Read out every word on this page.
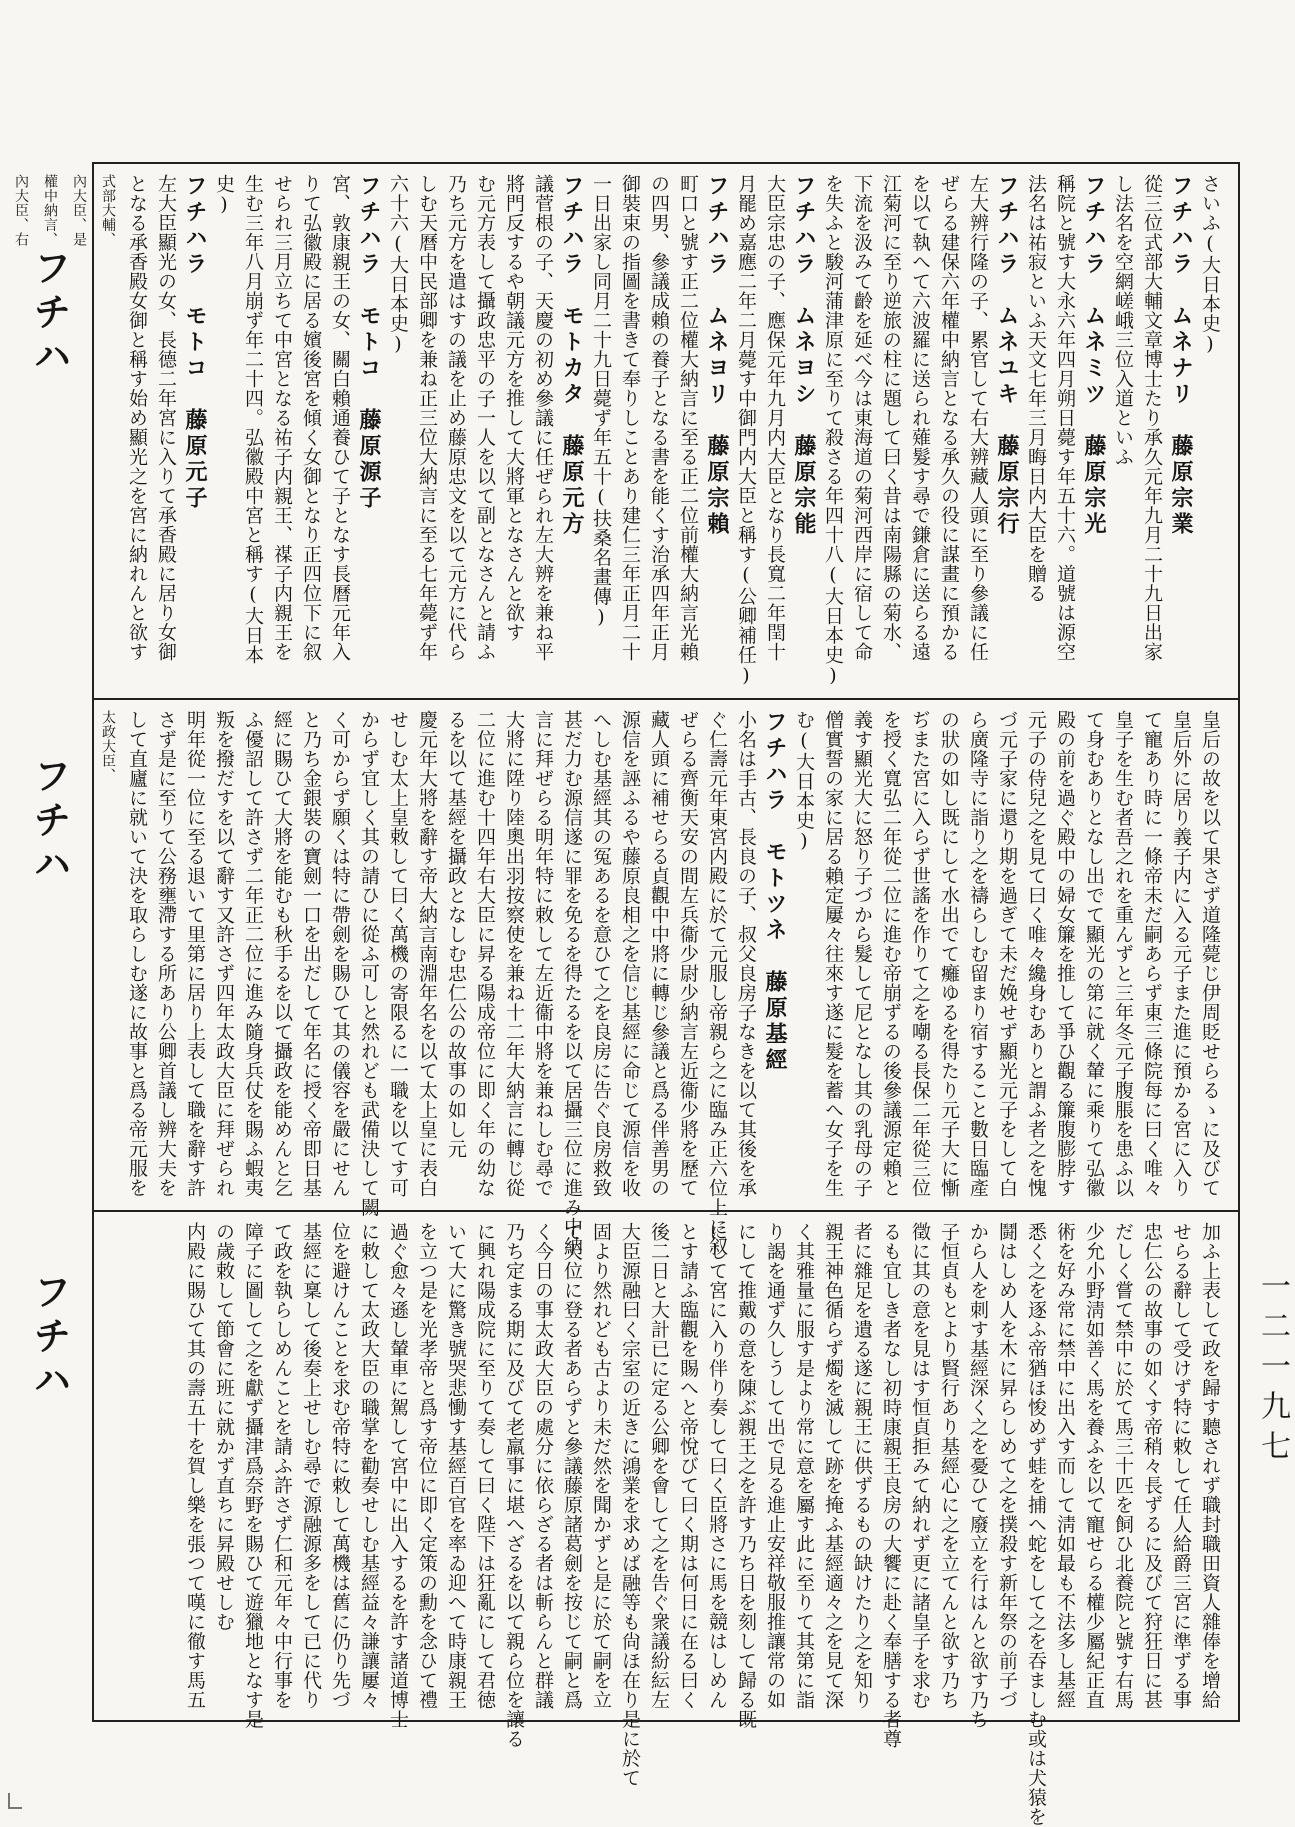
フチハ
フチハ
フチハ
さいふ(大日本史)
フチハラ　ムネナリ　藤原宗業
從三位式部大輔文章博士たり承久元年九月二十九日出家
し法名を空網嵯峨三位入道といふ
フチハラ　ムネミツ　藤原宗光
稱院と號す大永六年四月朔日薨す年五十六。道號は源空
法名は祐寂といふ天文七年三月晦日内大臣を贈る
フチハラ　ムネユキ　藤原宗行
左大辨行隆の子、累官して右大辨藏人頭に至り參議に任
ぜらる建保六年權中納言となる承久の役に謀畫に預かる
を以て執へて六波羅に送られ薙髮す尋で鎌倉に送らる遠
江菊河に至り逆旅の柱に題して曰く昔は南陽縣の菊水、
下流を汲みて齡を延べ今は東海道の菊河西岸に宿して命
を失ふと駿河蒲津原に至りて殺さる年四十八(大日本史)
フチハラ　ムネヨシ　藤原宗能
大臣宗忠の子、應保元年九月内大臣となり長寬二年閏十
月罷め嘉應二年二月薨す中御門内大臣と稱す(公卿補任)
フチハラ　ムネヨリ　藤原宗賴
町口と號す正二位權大納言に至る正二位前權大納言光賴
の四男、參議成賴の養子となる書を能くす治承四年正月
御裝束の指圖を書きて奉りしことあり建仁三年正月二十
一日出家し同月二十九日薨ず年五十(扶桑名畫傳)
フチハラ　モトカタ　藤原元方
議菅根の子、天慶の初め參議に任ぜられ左大辨を兼ね平
將門反するや朝議元方を推して大將軍となさんと欲す
む元方表して攝政忠平の子一人を以て副となさんと請ふ
乃ち元方を遣はすの議を止め藤原忠文を以て元方に代ら
しむ天曆中民部卿を兼ね正三位大納言に至る七年薨ず年
六十六(大日本史)
フチハラ　モトコ　藤原源子
宮、敦康親王の女、關白賴通養ひて子となす長曆元年入
りて弘徽殿に居る嬪後宮を傾く女御となり正四位下に叙
せられ三月立ちて中宮となる祐子内親王、禖子内親王を
生む三年八月崩ず年二十四。弘徽殿中宮と稱す(大日本
史)
フチハラ　モトコ　藤原元子
左大臣顯光の女、長德二年宮に入りて承香殿に居り女御
となる承香殿女御と稱す始め顯光之を宮に納れんと欲す
式部大輔、
內大臣、是
權中納言、
內大臣、右
皇后の故を以て果さず道隆薨じ伊周貶せらるゝに及びて
皇后外に居り義子内に入る元子また進に預かる宮に入り
て寵あり時に一條帝未だ嗣あらず東三條院每に曰く唯々
皇子を生む者吾之れを重んずと三年冬元子腹脹を患ふ以
て身むありとなし出でて顯光の第に就く輦に乘りて弘徽
殿の前を過ぐ殿中の婦女簾を推して爭ひ觀る簾腹膨脖す
元子の侍兒之を見て曰く唯々纔身むありと謂ふ者之を愧
づ元子家に還り期を過ぎて未だ娩せず顯光元子をして白
ら廣隆寺に詣り之を禱らしむ留まり宿すること數日臨產
の狀の如し既にして水出でて癱ゆるを得たり元子大に慚
ぢまた宮に入らず世謠を作りて之を嘲る長保二年從三位
を授く寬弘二年從二位に進む帝崩ずるの後參議源定賴と
義す顯光大に怒り子づから髮して尼となし其の乳母の子
僧實誓の家に居る賴定屢々往來す遂に髮を蓄へ女子を生
む(大日本史)
フチハラ　モトツネ　藤原基經
小名は手古、長良の子、叔父良房子なきを以て其後を承
ぐ仁壽元年東宮内殿に於て元服し帝親ら之に臨み正六位上に叙
ぜらる齊衡天安の間左兵衞少尉少納言左近衞少將を歷て
藏人頭に補せらる貞觀中中將に轉じ參議と爲る伴善男の
源信を誣ふるや藤原良相之を信じ基經に命じて源信を收
へしむ基經其の冤あるを意ひて之を良房に告ぐ良房救致
甚だ力む源信遂に罪を免るを得たるを以て居攝三位に進み中納
言に拜ぜらる明年特に敕して左近衞中將を兼ねしむ尋で
大將に陞り陸奧出羽按察使を兼ね十二年大納言に轉じ從
二位に進む十四年右大臣に昇る陽成帝位に即く年の幼な
るを以て基經を攝政となしむ忠仁公の故事の如し元
慶元年大將を辭す帝大納言南淵年名を以て太上皇に表白
せしむ太上皇敕して曰く萬機の寄限るに一職を以てす可
からず宜しく其の請ひに從ふ可しと然れども武備決して闕
く可からず願くは特に帶劍を賜ひて其の儀容を嚴にせん
と乃ち金銀裝の寶劍一口を出だして年名に授く帝即日基
經に賜ひて大將を能むも秋手るを以て攝政を能めんと乞
ふ優詔して許さず二年正二位に進み隨身兵仗を賜ふ蝦夷
叛を撥だすを以て辭す又許さず四年太政大臣に拜ぜられ
明年從一位に至る退いて里第に居り上表して職を辭す許
さず是に至りて公務壅滯する所あり公卿首議し辨大夫を
して直廬に就いて決を取らしむ遂に故事と爲る帝元服を
太政大臣、
加ふ上表して政を歸す聽されず職封職田資人雜俸を增給
せらる辭して受けず特に敕して任人給爵三宮に準ずる事
忠仁公の故事の如くす帝稍々長ずるに及びて狩狂日に甚
だしく嘗て禁中に於て馬三十匹を飼ひ北養院と號す右馬
少允小野淸如善く馬を養ふを以て寵せらる權少屬紀正直
術を好み常に禁中に出入す而して淸如最も不法多し基經
悉く之を逐ふ帝猶ほ悛めず蛙を捕へ蛇をして之を吞ましむ或は犬猿を
鬪はしめ人を木に昇らしめて之を撲殺す新年祭の前子づ
から人を刺す基經深く之を憂ひて廢立を行はんと欲す乃ち
子恒貞もとより賢行あり基經心に之を立てんと欲す乃ち
徵に其の意を見はす恒貞拒みて納れず更に諸皇子を求む
るも宜しき者なし初時康親王良房の大饗に赴く奉膳する者尊
者に雜足を遺る遂に親王に供ずるもの缺けたり之を知り
親王神色循らず燭を滅して跡を掩ふ基經適々之を見て深
く其雅量に服す是より常に意を屬す此に至りて其第に詣
り謁を通ず久しうして出で見る進止安祥敬服推讓常の如
にして推戴の意を陳ぶ親王之を許す乃ち日を刻して歸る既
にして宮に入り伴り奏して曰く臣將さに馬を競はしめん
とす請ふ臨觀を賜へと帝悅びて曰く期は何日に在る曰く
後二日と大計已に定る公卿を會して之を告ぐ衆議紛紜左
大臣源融曰く宗室の近きに鴻業を求めば融等も尙ほ在り是に於て
固より然れども古より未だ然を聞かずと是に於て嗣を立
て天位に登る者あらずと參議藤原諸葛劍を按じて嗣と爲
く今日の事太政大臣の處分に依らざる者は斬らんと群議
乃ち定まる期に及びて老羸事に堪へざるを以て親ら位を讓る
に興れ陽成院に至りて奏して曰く陛下は狂亂にして君徳
いて大に驚き號哭悲慟す基經百官を率ゐ迎へて時康親王
を立つ是を光孝帝と爲す帝位に即く定策の勳を念ひて禮
過ぐ愈々遜し輦車に駕して宮中に出入するを許す諸道博士
に敕して太政大臣の職掌を勸奏せしむ基經益々謙讓屢々
位を避けんことを求む帝特に敕して萬機は舊に仍り先づ
基經に稟して後奏上せしむ尋で源融源多をして已に代り
て政を執らしめんことを請ふ許さず仁和元年々中行事を
障子に圖して之を獻ず攝津爲奈野を賜ひて遊獵地となす是
の歲敕して節會に班に就かず直ちに昇殿せしむ
内殿に賜ひて其の壽五十を賀し樂を張つて嘆に徹す馬五	一二一九七
